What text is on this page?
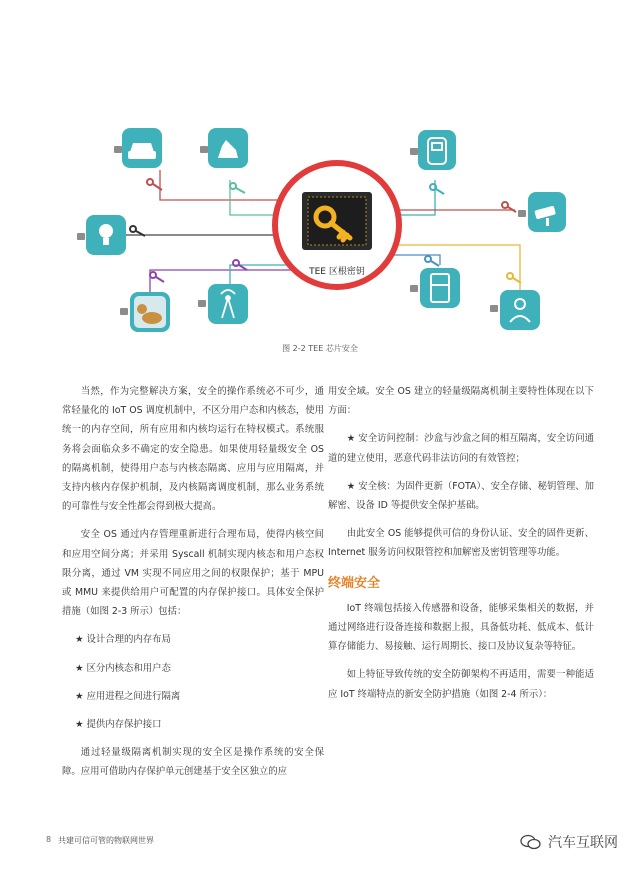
TEE 区根密钥
图 2-2 TEE 芯片安全

当然，作为完整解决方案，安全的操作系统必不可少，通常轻量化的 IoT OS 调度机制中，不区分用户态和内核态，使用统一的内存空间，所有应用和内核均运行在特权模式。系统服务将会面临众多不确定的安全隐患。如果使用轻量级安全 OS 的隔离机制，使得用户态与内核态隔离、应用与应用隔离，并支持内核内存保护机制，及内核隔离调度机制，那么业务系统的可靠性与安全性都会得到极大提高。

安全 OS 通过内存管理重新进行合理布局，使得内核空间和应用空间分离；并采用 Syscall 机制实现内核态和用户态权限分离，通过 VM 实现不同应用之间的权限保护；基于 MPU 或 MMU 来提供给用户可配置的内存保护接口。具体安全保护措施（如图 2-3 所示）包括：

★ 设计合理的内存布局

★ 区分内核态和用户态

★ 应用进程之间进行隔离

★ 提供内存保护接口

通过轻量级隔离机制实现的安全区是操作系统的安全保障。应用可借助内存保护单元创建基于安全区独立的应

用安全域。安全 OS 建立的轻量级隔离机制主要特性体现在以下方面：

★ 安全访问控制：沙盒与沙盒之间的相互隔离，安全访问通道的建立使用，恶意代码非法访问的有效管控；

★ 安全核：为固件更新（FOTA）、安全存储、秘钥管理、加解密、设备 ID 等提供安全保护基础。

由此安全 OS 能够提供可信的身份认证、安全的固件更新、Internet 服务访问权限管控和加解密及密钥管理等功能。

终端安全

IoT 终端包括接入传感器和设备，能够采集相关的数据，并通过网络进行设备连接和数据上报，具备低功耗、低成本、低计算存储能力、易接触、运行周期长、接口及协议复杂等特征。

如上特征导致传统的安全防御架构不再适用，需要一种能适应 IoT 终端特点的新安全防护措施（如图 2-4 所示）：

8 共建可信可管的物联网世界	汽车互联网
